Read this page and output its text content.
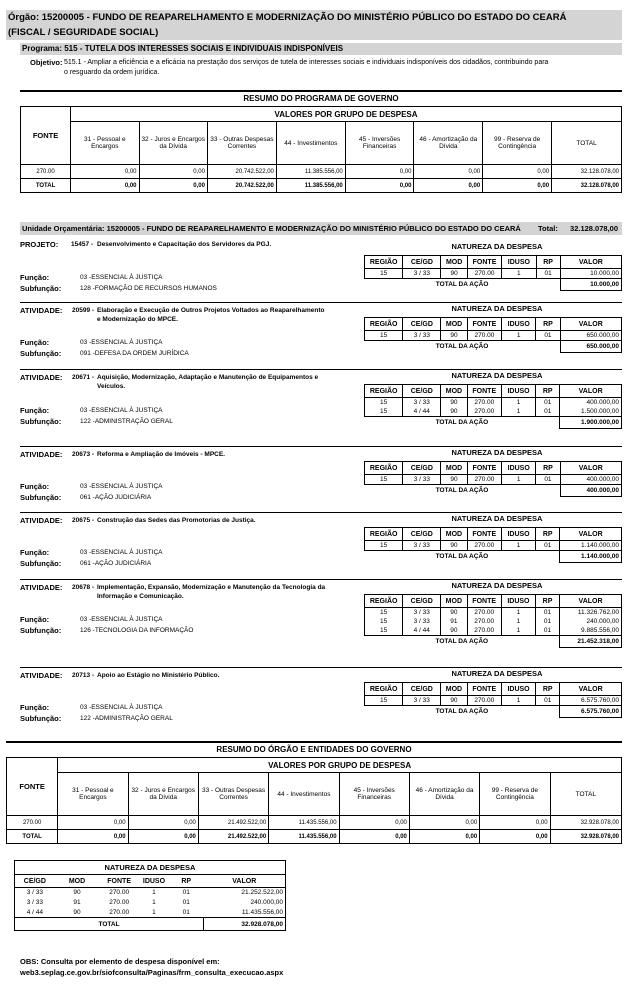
Órgão: 15200005 - FUNDO DE REAPARELHAMENTO E MODERNIZAÇÃO DO MINISTÉRIO PÚBLICO DO ESTADO DO CEARÁ
(FISCAL / SEGURIDADE SOCIAL)
Programa: 515 - TUTELA DOS INTERESSES SOCIAIS E INDIVIDUAIS INDISPONÍVEIS
Objetivo: 515.1 - Ampliar a eficiência e a eficácia na prestação dos serviços de tutela de interesses sociais e individuais indisponíveis dos cidadãos, contribuindo para
o resguardo da ordem jurídica.
RESUMO DO PROGRAMA DE GOVERNO
FONTE	VALORES POR GRUPO DE DESPESA							
	31 - Pessoal e Encargos	32 - Juros e Encargos da Dívida	33 - Outras Despesas Correntes	44 - Investimentos	45 - Inversões Financeiras	46 - Amortização da Dívida	99 - Reserva de Contingência	TOTAL
270.00	0,00	0,00	20.742.522,00	11.385.556,00	0,00	0,00	0,00	32.128.078,00
TOTAL	0,00	0,00	20.742.522,00	11.385.556,00	0,00	0,00	0,00	32.128.078,00
Unidade Orçamentária: 15200005 - FUNDO DE REAPARELHAMENTO E MODERNIZAÇÃO DO MINISTÉRIO PÚBLICO DO ESTADO DO CEARÁ Total:	32.128.078,00
PROJETO: 15457 - Desenvolvimento e Capacitação dos Servidores da PGJ.	NATUREZA DA DESPESA
REGIÃO	CE/GD	MOD	FONTE	IDUSO	RP	VALOR
15	3 / 33	90	270.00	1	01	10.000,00
TOTAL DA AÇÃO						10.000,00
Função:	03 -ESSENCIAL À JUSTIÇA
Subfunção:	128 -FORMAÇÃO DE RECURSOS HUMANOS
ATIVIDADE: 20599 - Elaboração e Execução de Outros Projetos Voltados ao Reaparelhamento
e Modernização do MPCE.
NATUREZA DA DESPESA
REGIÃO	CE/GD	MOD	FONTE	IDUSO	RP	VALOR
15	3 / 33	90	270.00	1	01	650.000,00
TOTAL DA AÇÃO						650.000,00
Função:	03 -ESSENCIAL À JUSTIÇA
Subfunção:	091 -DEFESA DA ORDEM JURÍDICA
ATIVIDADE: 20671 - Aquisição, Modernização, Adaptação e Manutenção de Equipamentos e
Veículos.
NATUREZA DA DESPESA
REGIÃO	CE/GD	MOD	FONTE	IDUSO	RP	VALOR
15	3 / 33	90	270.00	1	01	400.000,00
15	4 / 44	90	270.00	1	01	1.500.000,00
TOTAL DA AÇÃO						1.900.000,00
Função:	03 -ESSENCIAL À JUSTIÇA
Subfunção:	122 -ADMINISTRAÇÃO GERAL
ATIVIDADE: 20673 - Reforma e Ampliação de Imóveis - MPCE.	NATUREZA DA DESPESA
REGIÃO	CE/GD	MOD	FONTE	IDUSO	RP	VALOR
15	3 / 33	90	270.00	1	01	400.000,00
TOTAL DA AÇÃO						400.000,00
Função:	03 -ESSENCIAL À JUSTIÇA
Subfunção:	061 -AÇÃO JUDICIÁRIA
ATIVIDADE: 20675 - Construção das Sedes das Promotorias de Justiça.	NATUREZA DA DESPESA
REGIÃO	CE/GD	MOD	FONTE	IDUSO	RP	VALOR
15	3 / 33	90	270.00	1	01	1.140.000,00
TOTAL DA AÇÃO						1.140.000,00
Função:	03 -ESSENCIAL À JUSTIÇA
Subfunção:	061 -AÇÃO JUDICIÁRIA
ATIVIDADE: 20678 - Implementação, Expansão, Modernização e Manutenção da Tecnologia da
Informação e Comunicação.
NATUREZA DA DESPESA
REGIÃO	CE/GD	MOD	FONTE	IDUSO	RP	VALOR
15	3 / 33	90	270.00	1	01	11.326.762,00
15	3 / 33	91	270.00	1	01	240.000,00
15	4 / 44	90	270.00	1	01	9.885.556,00
TOTAL DA AÇÃO						21.452.318,00
Função:	03 -ESSENCIAL À JUSTIÇA
Subfunção:	126 -TECNOLOGIA DA INFORMAÇÃO
ATIVIDADE: 20713 - Apoio ao Estágio no Ministério Público.	NATUREZA DA DESPESA
REGIÃO	CE/GD	MOD	FONTE	IDUSO	RP	VALOR
15	3 / 33	90	270.00	1	01	6.575.760,00
TOTAL DA AÇÃO						6.575.760,00
Função:	03 -ESSENCIAL À JUSTIÇA
Subfunção:	122 -ADMINISTRAÇÃO GERAL
RESUMO DO ÓRGÃO E ENTIDADES DO GOVERNO
FONTE	VALORES POR GRUPO DE DESPESA							
	31 - Pessoal e Encargos	32 - Juros e Encargos da Dívida	33 - Outras Despesas Correntes	44 - Investimentos	45 - Inversões Financeiras	46 - Amortização da Dívida	99 - Reserva de Contingência	TOTAL
270.00	0,00	0,00	21.492.522,00	11.435.556,00	0,00	0,00	0,00	32.928.078,00
TOTAL	0,00	0,00	21.492.522,00	11.435.556,00	0,00	0,00	0,00	32.928.078,00
NATUREZA DA DESPESA					
CE/GD	MOD	FONTE	IDUSO	RP	VALOR
3 / 33	90	270.00	1	01	21.252.522,00
3 / 33	91	270.00	1	01	240.000,00
4 / 44	90	270.00	1	01	11.435.556,00
TOTAL					32.928.078,00
OBS: Consulta por elemento de despesa disponível em:
web3.seplag.ce.gov.br/siofconsulta/Paginas/frm_consulta_execucao.aspx
